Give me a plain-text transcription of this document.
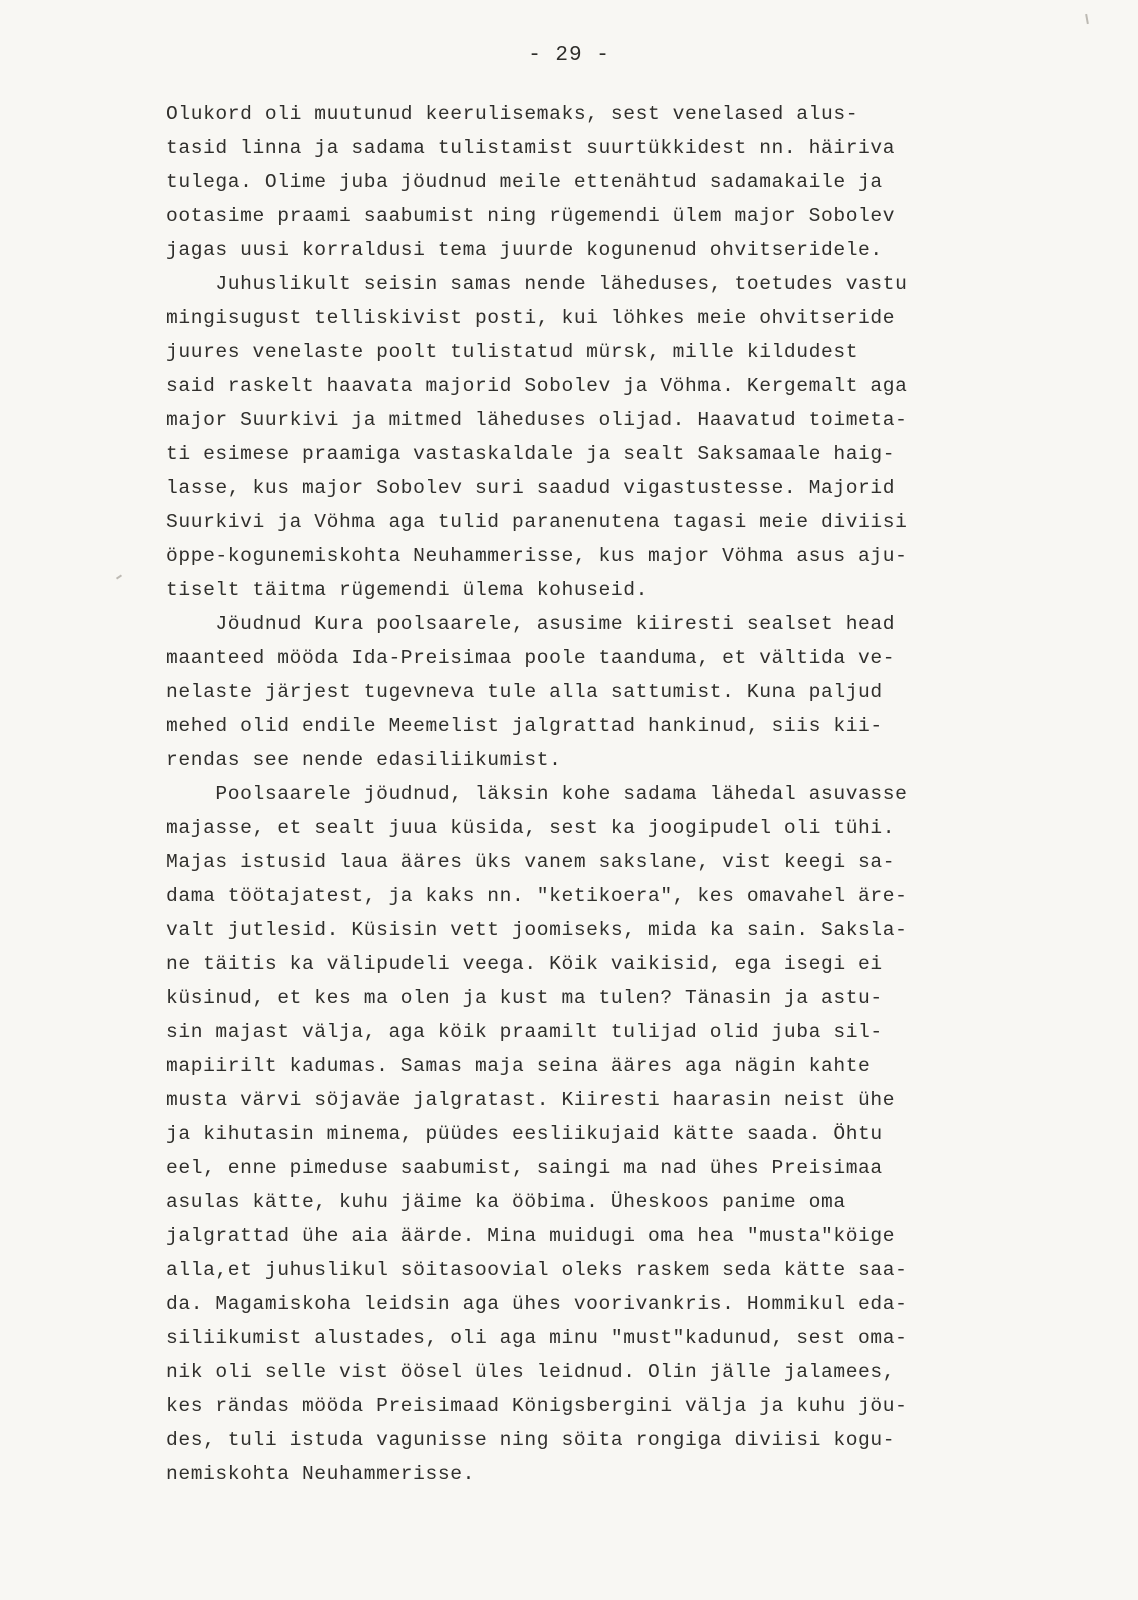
- 29 -
Olukord oli muutunud keerulisemaks, sest venelased alus-
tasid linna ja sadama tulistamist suurtükkidest nn. häiriva
tulega. Olime juba jöudnud meile ettenähtud sadamakaile ja
ootasime praami saabumist ning rügemendi ülem major Sobolev
jagas uusi korraldusi tema juurde kogunenud ohvitseridele.
Juhuslikult seisin samas nende läheduses, toetudes vastu
mingisugust telliskivist posti, kui löhkes meie ohvitseride
juures venelaste poolt tulistatud mürsk, mille kildudest
said raskelt haavata majorid Sobolev ja Vöhma. Kergemalt aga
major Suurkivi ja mitmed läheduses olijad. Haavatud toimeta-
ti esimese praamiga vastaskaldale ja sealt Saksamaale haig-
lasse, kus major Sobolev suri saadud vigastustesse. Majorid
Suurkivi ja Vöhma aga tulid paranenutena tagasi meie diviisi
öppe-kogunemiskohta Neuhammerisse, kus major Vöhma asus aju-
tiselt täitma rügemendi ülema kohuseid.
Jöudnud Kura poolsaarele, asusime kiiresti sealset head
maanteed mööda Ida-Preisimaa poole taanduma, et vältida ve-
nelaste järjest tugevneva tule alla sattumist. Kuna paljud
mehed olid endile Meemelist jalgrattad hankinud, siis kii-
rendas see nende edasiliikumist.
Poolsaarele jöudnud, läksin kohe sadama lähedal asuvasse
majasse, et sealt juua küsida, sest ka joogipudel oli tühi.
Majas istusid laua ääres üks vanem sakslane, vist keegi sa-
dama töötajatest, ja kaks nn. "ketikoera", kes omavahel äre-
valt jutlesid. Küsisin vett joomiseks, mida ka sain. Saksla-
ne täitis ka välipudeli veega. Köik vaikisid, ega isegi ei
küsinud, et kes ma olen ja kust ma tulen? Tänasin ja astu-
sin majast välja, aga köik praamilt tulijad olid juba sil-
mapiirilt kadumas. Samas maja seina ääres aga nägin kahte
musta värvi söjaväe jalgratast. Kiiresti haarasin neist ühe
ja kihutasin minema, püüdes eesliikujaid kätte saada. Öhtu
eel, enne pimeduse saabumist, saingi ma nad ühes Preisimaa
asulas kätte, kuhu jäime ka ööbima. Üheskoos panime oma
jalgrattad ühe aia äärde. Mina muidugi oma hea "musta"köige
alla,et juhuslikul söitasoovial oleks raskem seda kätte saa-
da. Magamiskoha leidsin aga ühes voorivankris. Hommikul eda-
siliikumist alustades, oli aga minu "must"kadunud, sest oma-
nik oli selle vist öösel üles leidnud. Olin jälle jalamees,
kes rändas mööda Preisimaad Königsbergini välja ja kuhu jöu-
des, tuli istuda vagunisse ning söita rongiga diviisi kogu-
nemiskohta Neuhammerisse.
